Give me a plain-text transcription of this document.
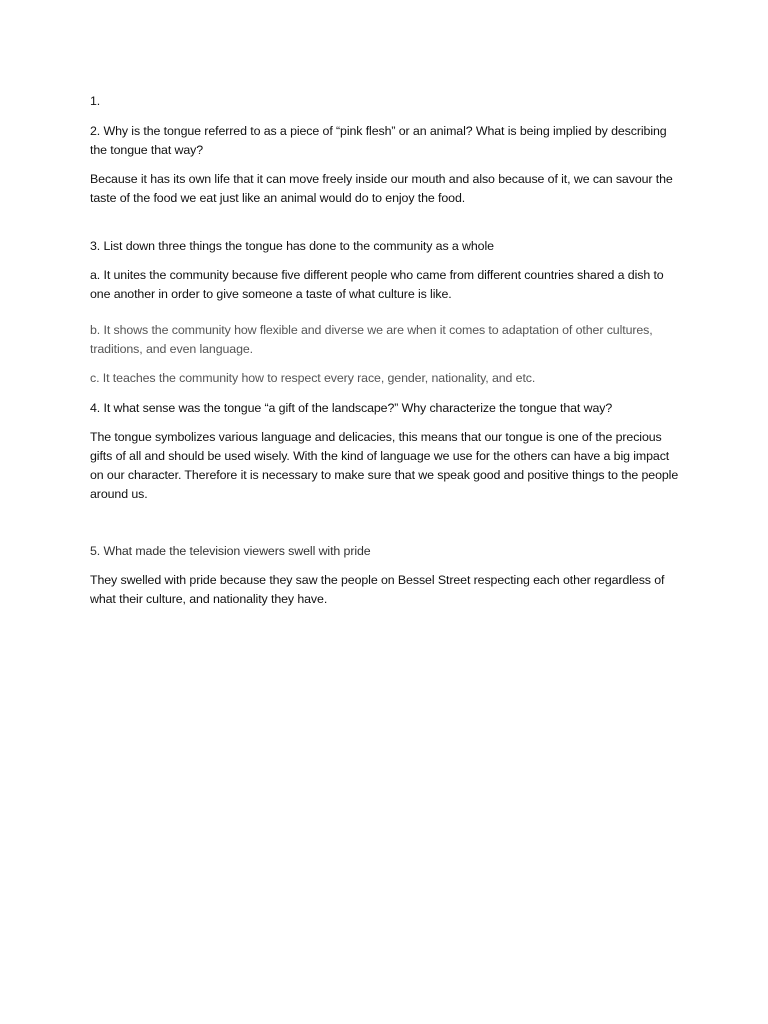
1.

2. Why is the tongue referred to as a piece of “pink flesh” or an animal? What is being implied by describing the tongue that way?

Because it has its own life that it can move freely inside our mouth and also because of it, we can savour the taste of the food we eat just like an animal would do to enjoy the food.

3. List down three things the tongue has done to the community as a whole

a. It unites the community because five different people who came from different countries shared a dish to one another in order to give someone a taste of what culture is like.

b. It shows the community how flexible and diverse we are when it comes to adaptation of other cultures, traditions, and even language.

c. It teaches the community how to respect every race, gender, nationality, and etc.

4. It what sense was the tongue “a gift of the landscape?” Why characterize the tongue that way?

The tongue symbolizes various language and delicacies, this means that our tongue is one of the precious gifts of all and should be used wisely. With the kind of language we use for the others can have a big impact on our character. Therefore it is necessary to make sure that we speak good and positive things to the people around us.

5. What made the television viewers swell with pride

They swelled with pride because they saw the people on Bessel Street respecting each other regardless of what their culture, and nationality they have.
